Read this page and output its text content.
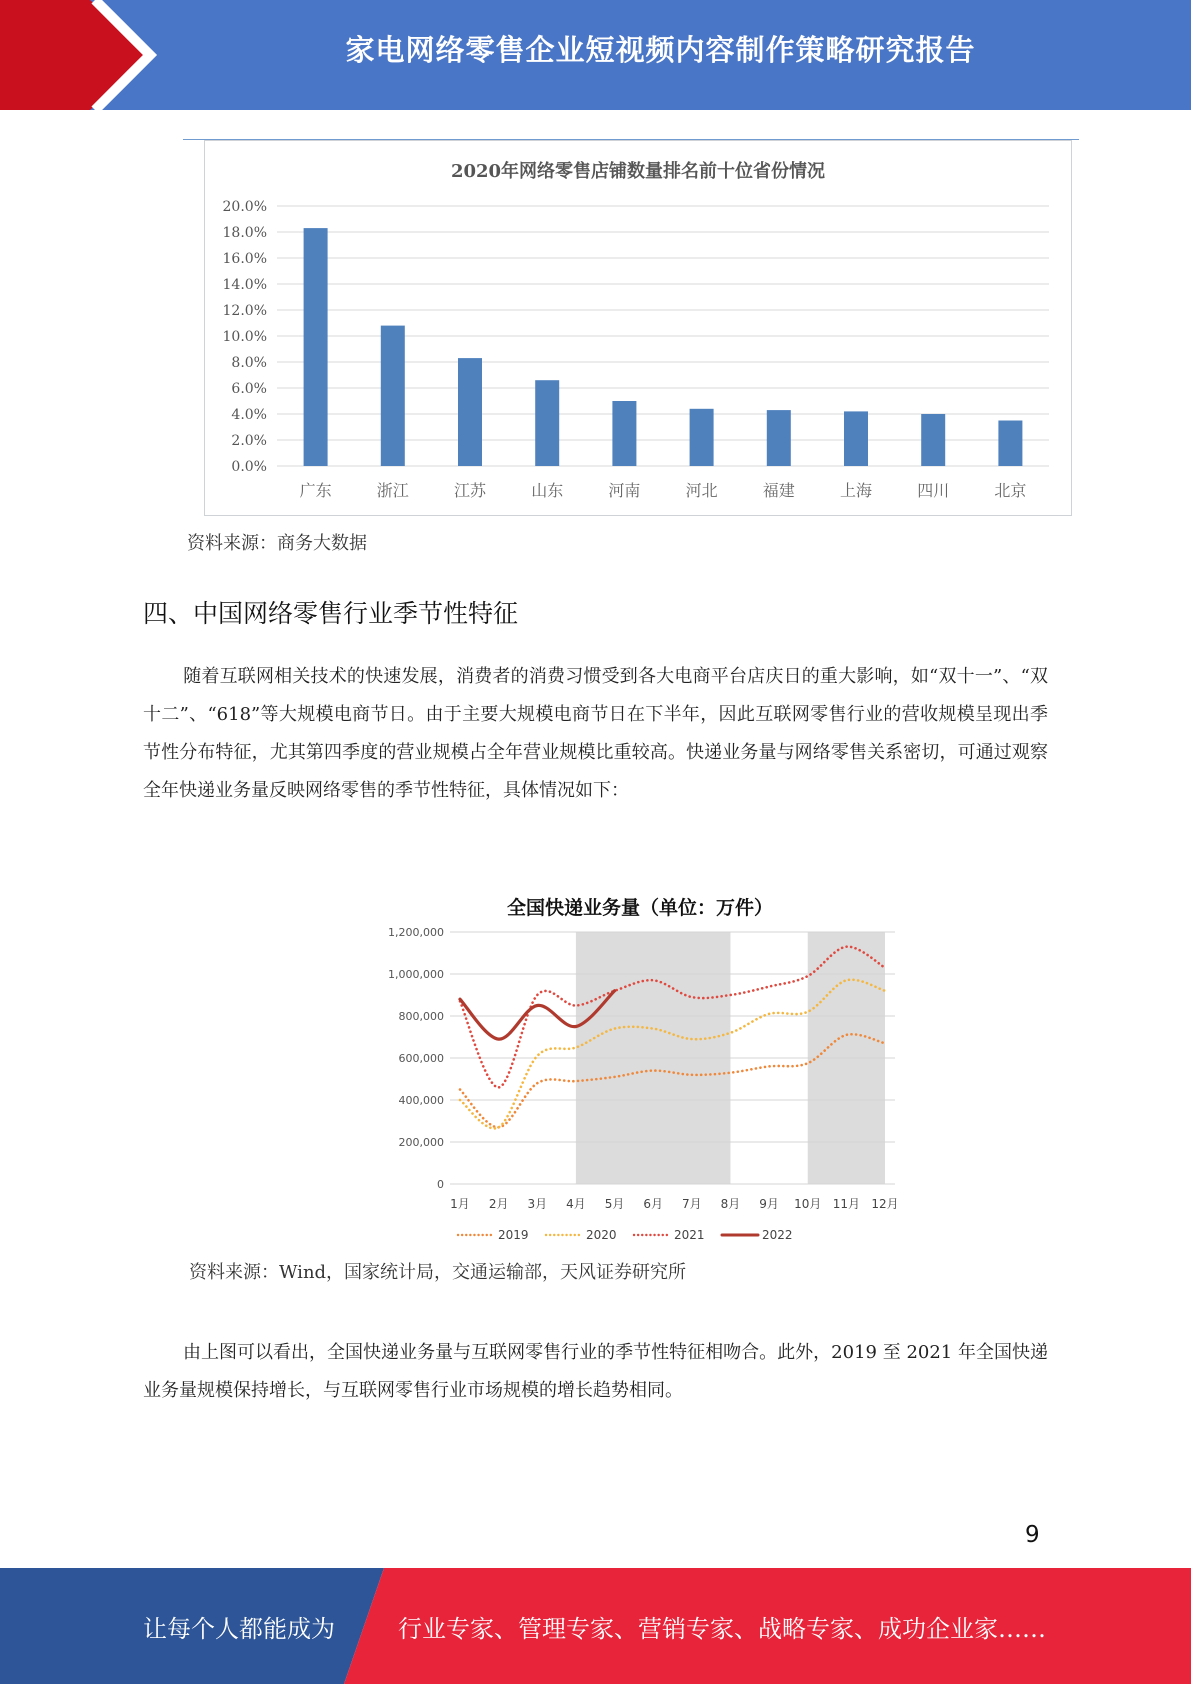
家电网络零售企业短视频内容制作策略研究报告
0.0%
2.0%
4.0%
6.0%
8.0%
10.0%
12.0%
14.0%
16.0%
18.0%
20.0%
广东	浙江	江苏	山东	河南	河北	福建	上海	四川	北京
2020年网络零售店铺数量排名前十位省份情况
资料来源：商务大数据
四、中国网络零售行业季节性特征

随着互联网相关技术的快速发展，消费者的消费习惯受到各大电商平台店庆日的重大影响，如“双十一”、“双十二”、“618”等大规模电商节日。由于主要大规模电商节日在下半年，因此互联网零售行业的营收规模呈现出季节性分布特征，尤其第四季度的营业规模占全年营业规模比重较高。快递业务量与网络零售关系密切，可通过观察全年快递业务量反映网络零售的季节性特征，具体情况如下：

全国快递业务量（单位：万件）
0
200,000
400,000
600,000
800,000
1,000,000
1,200,000
1月 2月 3月 4月 5月 6月 7月 8月 9月 10月 11月 12月
2019	2020	2021	2022
资料来源：Wind，国家统计局，交通运输部，天风证券研究所

由上图可以看出，全国快递业务量与互联网零售行业的季节性特征相吻合。此外，2019 至 2021 年全国快递业务量规模保持增长，与互联网零售行业市场规模的增长趋势相同。

9
让每个人都能成为	行业专家、管理专家、营销专家、战略专家、成功企业家……
